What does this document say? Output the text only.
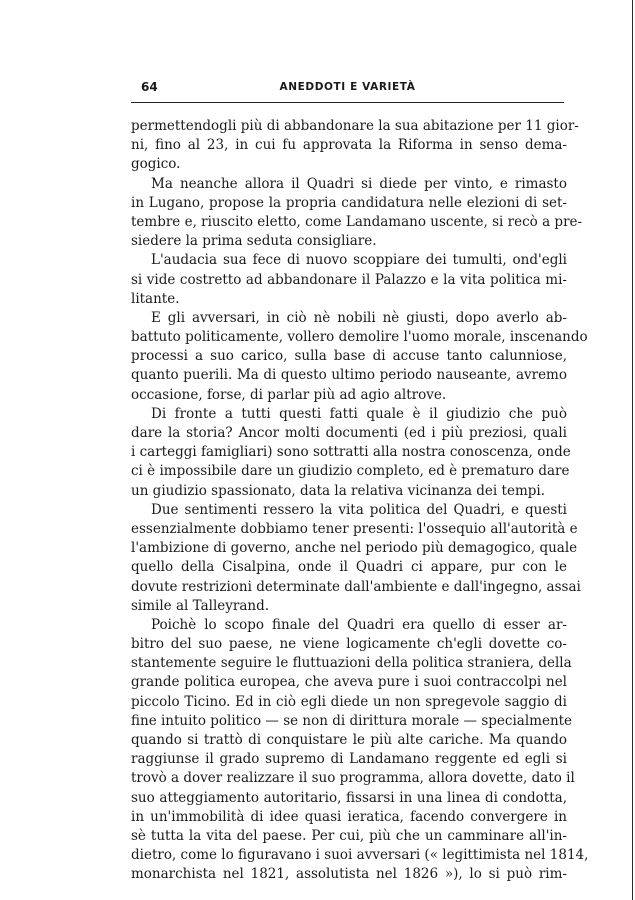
64	ANEDDOTI E VARIETÀ
permettendogli più di abbandonare la sua abitazione per 11 gior-
ni, fino al 23, in cui fu approvata la Riforma in senso dema-
gogico.
Ma neanche allora il Quadri si diede per vinto, e rimasto
in Lugano, propose la propria candidatura nelle elezioni di set-
tembre e, riuscito eletto, come Landamano uscente, si recò a pre-
siedere la prima seduta consigliare.
L'audacia sua fece di nuovo scoppiare dei tumulti, ond'egli
si vide costretto ad abbandonare il Palazzo e la vita politica mi-
litante.
E gli avversari, in ciò nè nobili nè giusti, dopo averlo ab-
battuto politicamente, vollero demolire l'uomo morale, inscenando
processi a suo carico, sulla base di accuse tanto calunniose,
quanto puerili. Ma di questo ultimo periodo nauseante, avremo
occasione, forse, di parlar più ad agio altrove.
Di fronte a tutti questi fatti quale è il giudizio che può
dare la storia? Ancor molti documenti (ed i più preziosi, quali
i carteggi famigliari) sono sottratti alla nostra conoscenza, onde
ci è impossibile dare un giudizio completo, ed è prematuro dare
un giudizio spassionato, data la relativa vicinanza dei tempi.
Due sentimenti ressero la vita politica del Quadri, e questi
essenzialmente dobbiamo tener presenti: l'ossequio all'autorità e
l'ambizione di governo, anche nel periodo più demagogico, quale
quello della Cisalpina, onde il Quadri ci appare, pur con le
dovute restrizioni determinate dall'ambiente e dall'ingegno, assai
simile al Talleyrand.
Poichè lo scopo finale del Quadri era quello di esser ar-
bitro del suo paese, ne viene logicamente ch'egli dovette co-
stantemente seguire le fluttuazioni della politica straniera, della
grande politica europea, che aveva pure i suoi contraccolpi nel
piccolo Ticino. Ed in ciò egli diede un non spregevole saggio di
fine intuito politico — se non di dirittura morale — specialmente
quando si trattò di conquistare le più alte cariche. Ma quando
raggiunse il grado supremo di Landamano reggente ed egli si
trovò a dover realizzare il suo programma, allora dovette, dato il
suo atteggiamento autoritario, fissarsi in una linea di condotta,
in un'immobilità di idee quasi ieratica, facendo convergere in
sè tutta la vita del paese. Per cui, più che un camminare all'in-
dietro, come lo figuravano i suoi avversari (« legittimista nel 1814,
monarchista nel 1821, assolutista nel 1826 »), lo si può rim-
